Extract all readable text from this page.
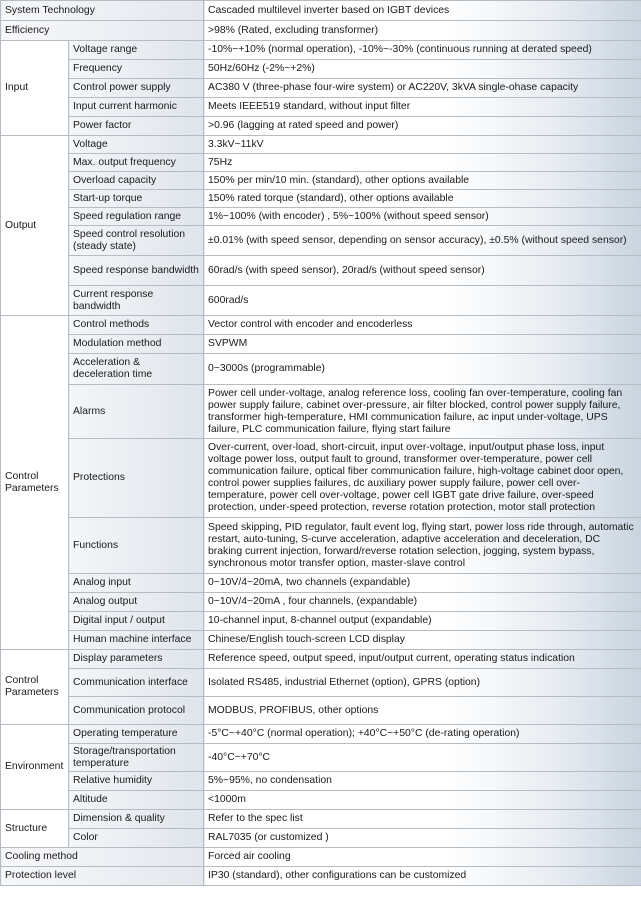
System Technology		Cascaded multilevel inverter based on IGBT devices
Efficiency		>98% (Rated, excluding transformer)
Input	Voltage range	-10%~+10% (normal operation), -10%~-30% (continuous running at derated speed)
	Frequency	50Hz/60Hz (-2%~+2%)
	Control power supply	AC380 V (three-phase four-wire system) or AC220V, 3kVA single-ohase capacity
	Input current harmonic	Meets IEEE519 standard, without input filter
	Power factor	>0.96 (lagging at rated speed and power)
Output	Voltage	3.3kV~11kV
	Max. output frequency	75Hz
	Overload capacity	150% per min/10 min. (standard), other options available
	Start-up torque	150% rated torque (standard), other options available
	Speed regulation range	1%~100% (with encoder) , 5%~100% (without speed sensor)
	Speed control resolution (steady state)	±0.01% (with speed sensor, depending on sensor accuracy), ±0.5% (without speed sensor)
	Speed response bandwidth	60rad/s (with speed sensor), 20rad/s (without speed sensor)
	Current response bandwidth	600rad/s
Control Parameters	Control methods	Vector control with encoder and encoderless
	Modulation method	SVPWM
	Acceleration & deceleration time	0~3000s (programmable)
	Alarms	Power cell under-voltage, analog reference loss, cooling fan over-temperature, cooling fan power supply failure, cabinet over-pressure, air filter blocked, control power supply failure, transformer high-temperature, HMI communication failure, ac input under-voltage, UPS failure, PLC communication failure, flying start failure
	Protections	Over-current, over-load, short-circuit, input over-voltage, input/output phase loss, input voltage power loss, output fault to ground, transformer over-temperature, power cell communication failure, optical fiber communication failure, high-voltage cabinet door open, control power supplies failures, dc auxiliary power supply failure, power cell over-temperature, power cell over-voltage, power cell IGBT gate drive failure, over-speed protection, under-speed protection, reverse rotation protection, motor stall protection
	Functions	Speed skipping, PID regulator, fault event log, flying start, power loss ride through, automatic restart, auto-tuning, S-curve acceleration, adaptive acceleration and deceleration, DC braking current injection, forward/reverse rotation selection, jogging, system bypass, synchronous motor transfer option, master-slave control
	Analog input	0~10V/4~20mA, two channels (expandable)
	Analog output	0~10V/4~20mA , four channels, (expandable)
	Digital input / output	10-channel input, 8-channel output (expandable)
	Human machine interface	Chinese/English touch-screen LCD display
Control Parameters	Display parameters	Reference speed, output speed, input/output current, operating status indication
	Communication interface	Isolated RS485, industrial Ethernet (option), GPRS (option)
	Communication protocol	MODBUS, PROFIBUS, other options
Environment	Operating temperature	-5°C~+40°C (normal operation); +40°C~+50°C (de-rating operation)
	Storage/transportation temperature	-40°C~+70°C
	Relative humidity	5%~95%, no condensation
	Altitude	<1000m
Structure	Dimension & quality	Refer to the spec list
	Color	RAL7035 (or customized )
Cooling method		Forced air cooling
Protection level		IP30 (standard), other configurations can be customized
